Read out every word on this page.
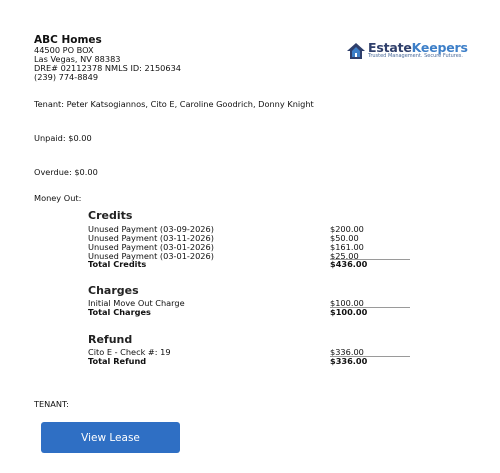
ABC Homes
44500 PO BOX
Las Vegas, NV 88383
DRE# 02112378 NMLS ID: 2150634
(239) 774-8849
EstateKeepers
Trusted Management. Secure Futures.
Tenant: Peter Katsogiannos, Cito E, Caroline Goodrich, Donny Knight
Unpaid: $0.00
Overdue: $0.00
Money Out:
Credits
Unused Payment (03-09-2026)	$200.00
Unused Payment (03-11-2026)	$50.00
Unused Payment (03-01-2026)	$161.00
Unused Payment (03-01-2026)	$25.00
Total Credits	$436.00
Charges
Initial Move Out Charge	$100.00
Total Charges	$100.00
Refund
Cito E - Check #: 19	$336.00
Total Refund	$336.00
TENANT:
View Lease
